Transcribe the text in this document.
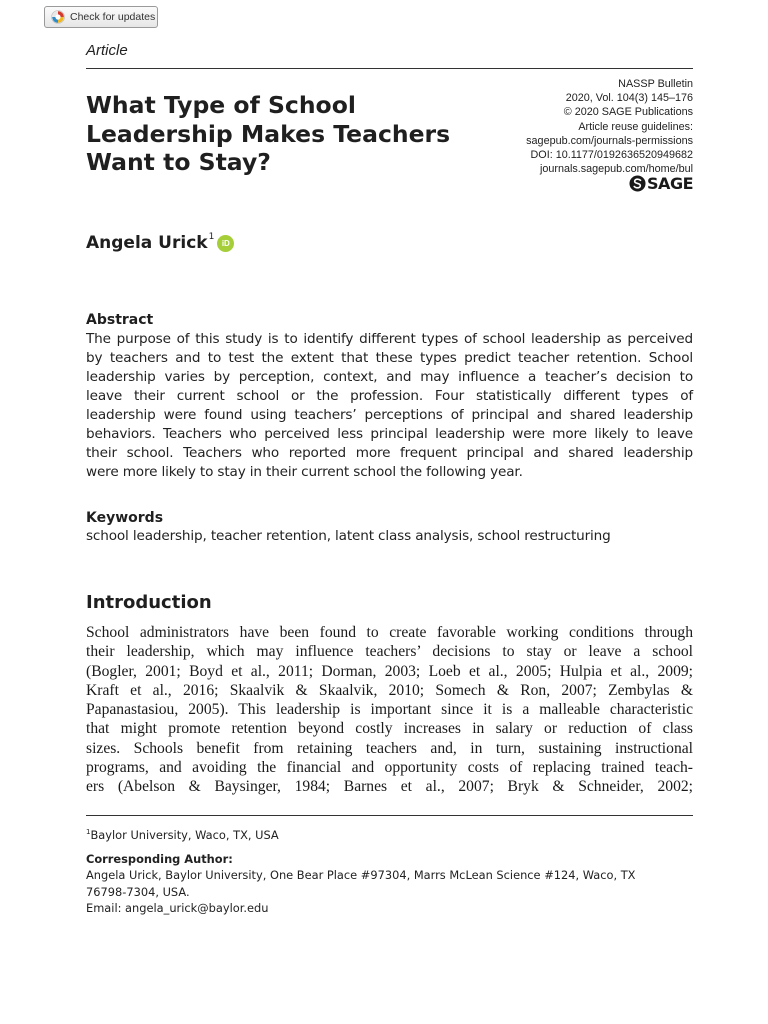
Check for updates
Article
What Type of School
Leadership Makes Teachers
Want to Stay?
NASSP Bulletin
2020, Vol. 104(3) 145–176
© 2020 SAGE Publications
Article reuse guidelines:
sagepub.com/journals-permissions
DOI: 10.1177/0192636520949682
journals.sagepub.com/home/bul
SAGE
Angela Urick$^1$
iD
Abstract
The purpose of this study is to identify different types of school leadership as perceived
by teachers and to test the extent that these types predict teacher retention. School
leadership varies by perception, context, and may influence a teacher’s decision to
leave their current school or the profession. Four statistically different types of
leadership were found using teachers’ perceptions of principal and shared leadership
behaviors. Teachers who perceived less principal leadership were more likely to leave
their school. Teachers who reported more frequent principal and shared leadership
were more likely to stay in their current school the following year.
Keywords
school leadership, teacher retention, latent class analysis, school restructuring
Introduction
School administrators have been found to create favorable working conditions through
their leadership, which may influence teachers’ decisions to stay or leave a school
(Bogler, 2001; Boyd et al., 2011; Dorman, 2003; Loeb et al., 2005; Hulpia et al., 2009;
Kraft et al., 2016; Skaalvik & Skaalvik, 2010; Somech & Ron, 2007; Zembylas &
Papanastasiou, 2005). This leadership is important since it is a malleable characteristic
that might promote retention beyond costly increases in salary or reduction of class
sizes. Schools benefit from retaining teachers and, in turn, sustaining instructional
programs, and avoiding the financial and opportunity costs of replacing trained teach-
ers (Abelson & Baysinger, 1984; Barnes et al., 2007; Bryk & Schneider, 2002;
$^1$Baylor University, Waco, TX, USA
Corresponding Author:
Angela Urick, Baylor University, One Bear Place #97304, Marrs McLean Science #124, Waco, TX
76798-7304, USA.
Email: angela_urick@baylor.edu
